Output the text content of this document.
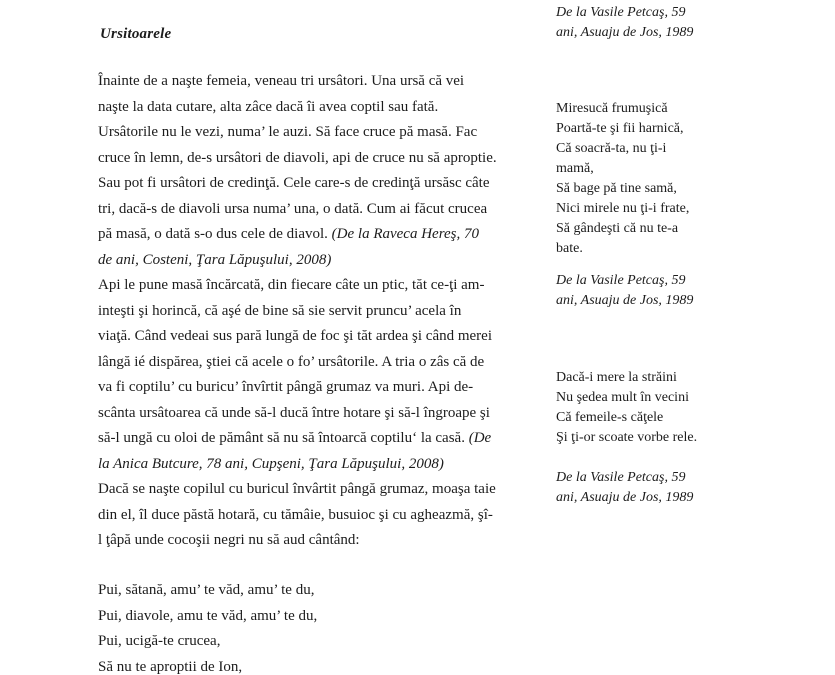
Ursitoarele
Înainte de a naşte femeia, veneau tri ursâtori. Una ursă că vei
naşte la data cutare, alta zâce dacă îi avea coptil sau fată.
Ursâtorile nu le vezi, numa’ le auzi. Să face cruce pă masă. Fac
cruce în lemn, de-s ursâtori de diavoli, api de cruce nu să aproptie.
Sau pot fi ursâtori de credinţă. Cele care-s de credinţă ursăsc câte
tri, dacă-s de diavoli ursa numa’ una, o dată. Cum ai făcut crucea
pă masă, o dată s-o dus cele de diavol. (De la Raveca Hereş, 70
de ani, Costeni, Ţara Lăpuşului, 2008)
Api le pune masă încărcată, din fiecare câte un ptic, tăt ce-ţi am-
inteşti şi horincă, că aşé de bine să sie servit pruncu’ acela în
viaţă. Când vedeai sus pară lungă de foc şi tăt ardea şi când merei
lângă ié dispărea, ştiei că acele o fo’ ursâtorile. A tria o zâs că de
va fi coptilu’ cu buricu’ învîrtit pângă grumaz va muri. Api de-
scânta ursâtoarea că unde să-l ducă între hotare şi să-l îngroape şi
să-l ungă cu oloi de pământ să nu să întoarcă coptilu‘ la casă. (De
la Anica Butcure, 78 ani, Cupşeni, Ţara Lăpuşului, 2008)
Dacă se naşte copilul cu buricul învârtit pângă grumaz, moaşa taie
din el, îl duce păstă hotară, cu tămâie, busuioc şi cu agheazmă, şî-
l ţâpă unde cocoşii negri nu să aud cântând:
Pui, sătană, amu’ te văd, amu’ te du,
Pui, diavole, amu te văd, amu’ te du,
Pui, ucigă-te crucea,
Să nu te aproptii de Ion,
De la Vasile Petcaş, 59
ani, Asuaju de Jos, 1989
Miresucă frumuşică
Poartă-te şi fii harnică,
Că soacră-ta, nu ţi-i
mamă,
Să bage pă tine samă,
Nici mirele nu ţi-i frate,
Să gândeşti că nu te-a
bate.
De la Vasile Petcaş, 59
ani, Asuaju de Jos, 1989
Dacă-i mere la străini
Nu şedea mult în vecini
Că femeile-s căţele
Şi ţi-or scoate vorbe rele.
De la Vasile Petcaş, 59
ani, Asuaju de Jos, 1989
